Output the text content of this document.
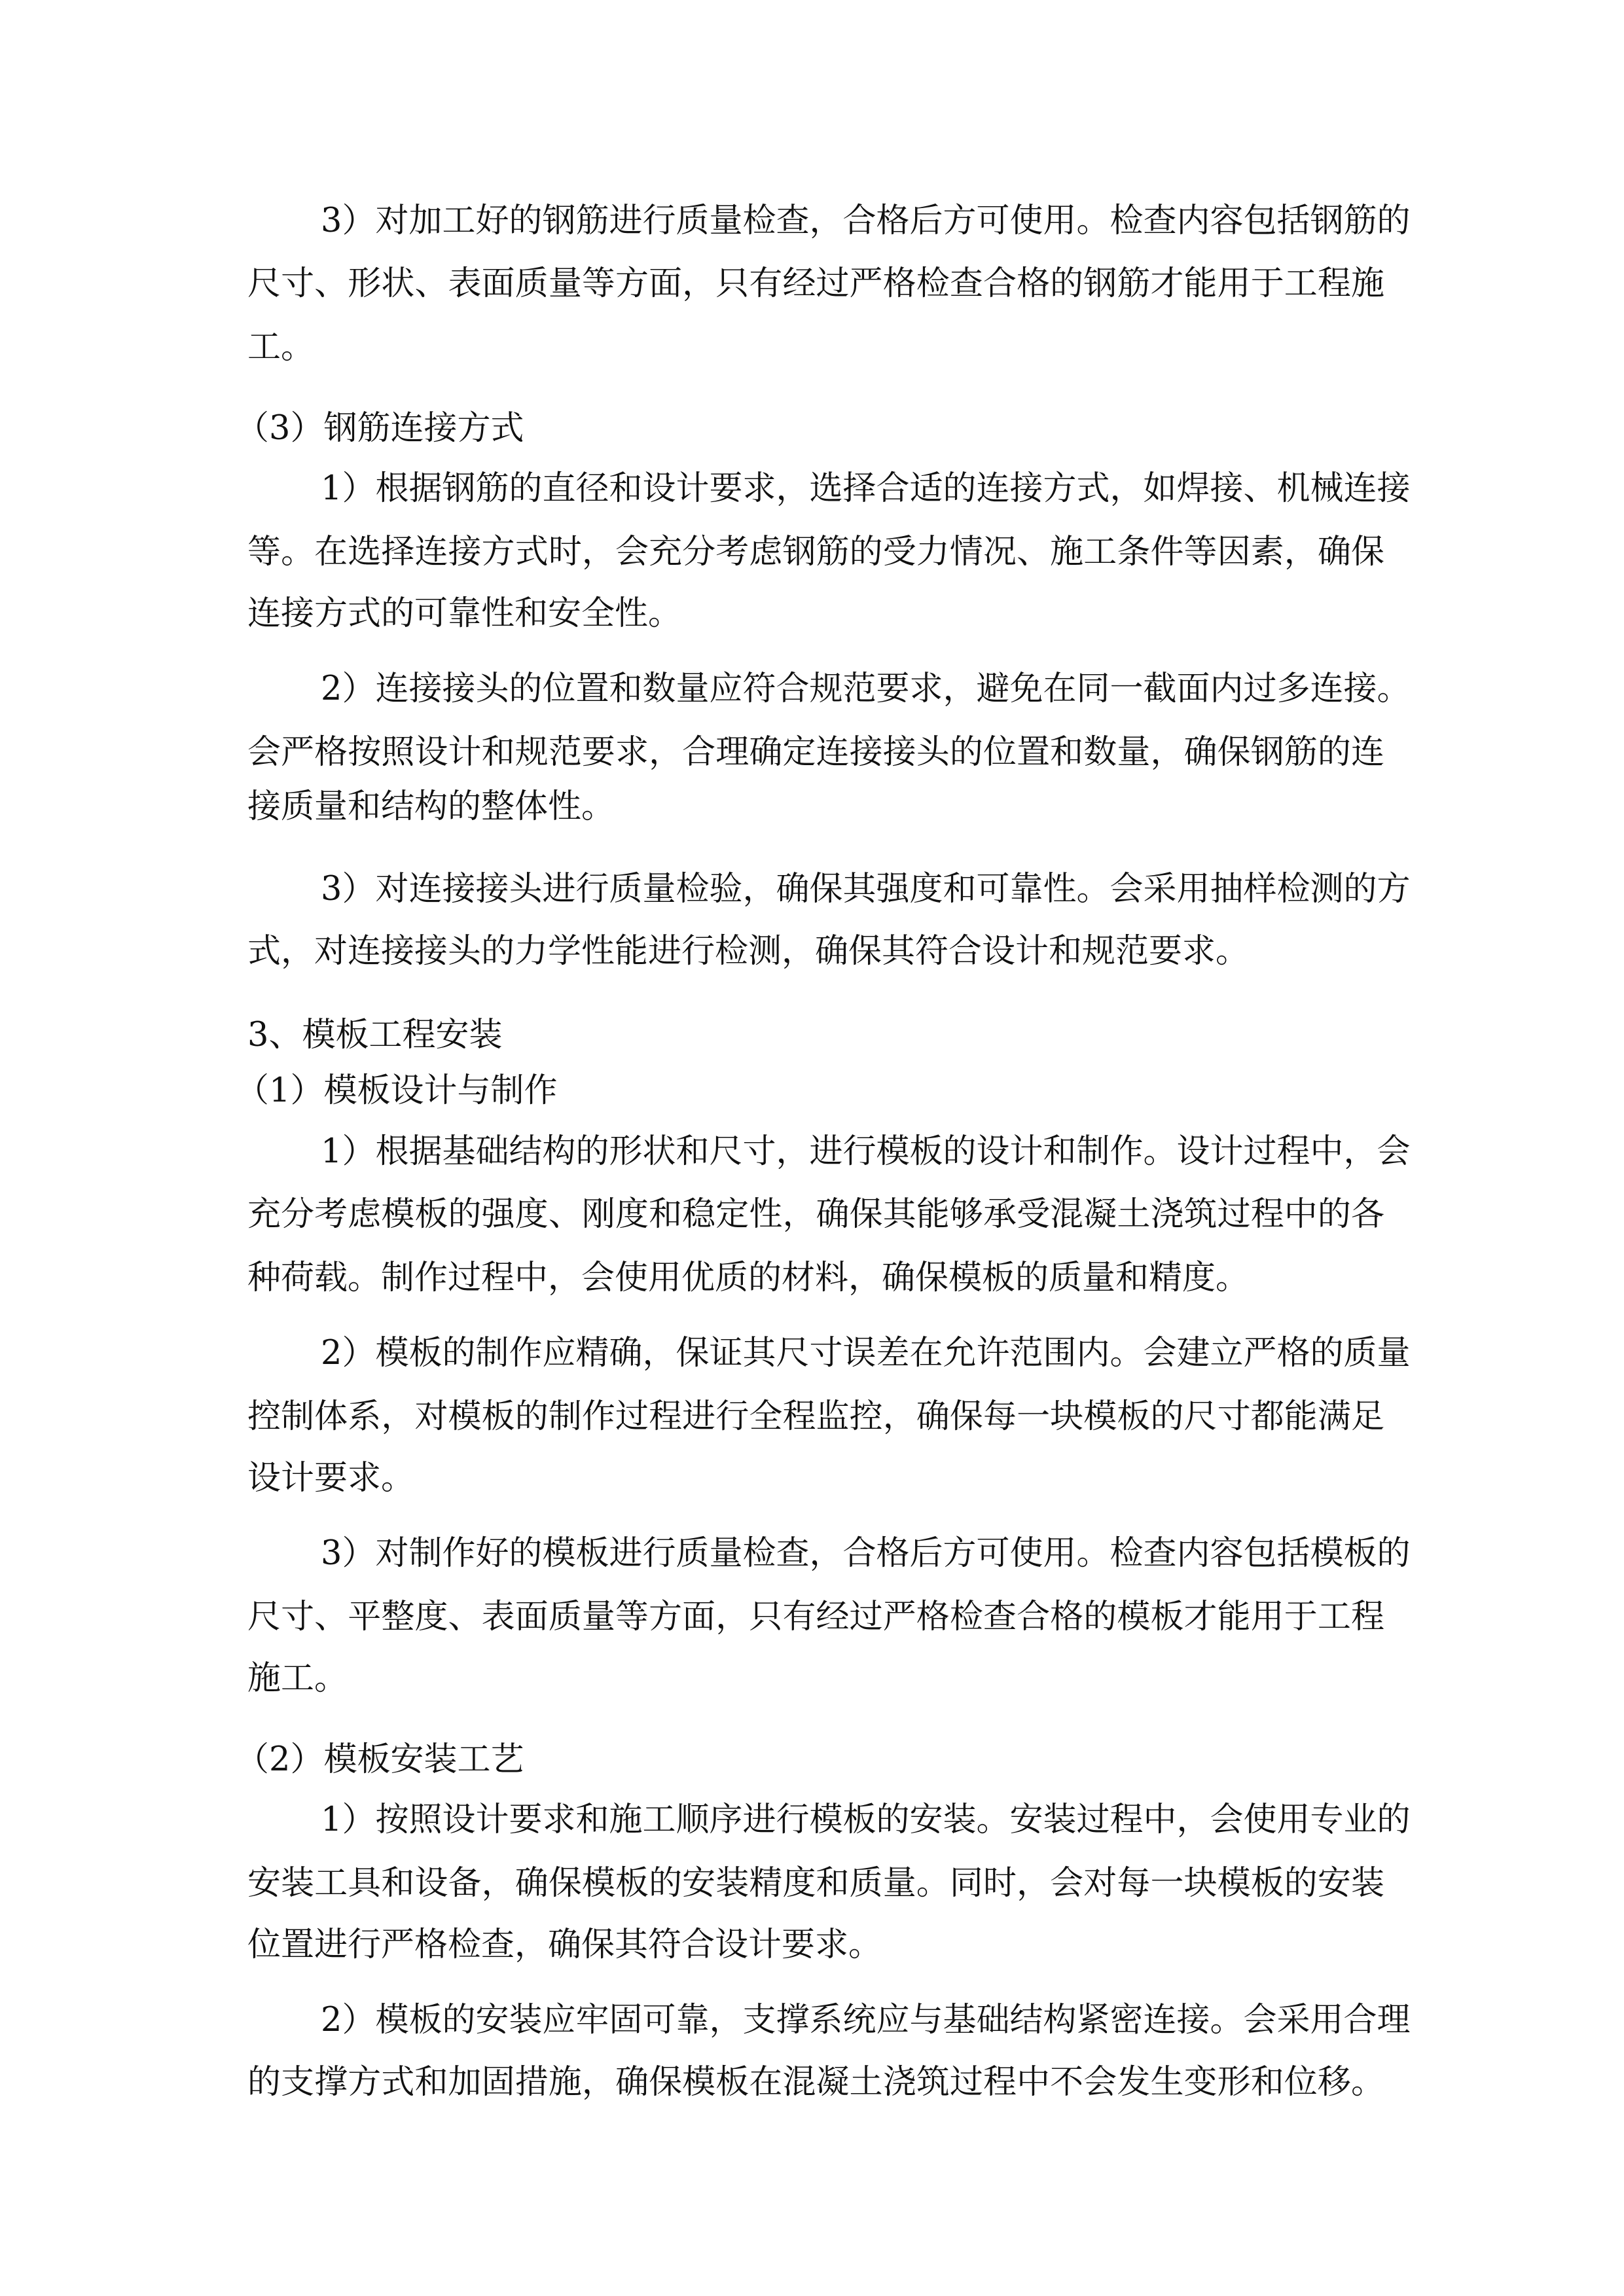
3）对加工好的钢筋进行质量检查，合格后方可使用。检查内容包括钢筋的
尺寸、形状、表面质量等方面，只有经过严格检查合格的钢筋才能用于工程施
工。
（3）钢筋连接方式
1）根据钢筋的直径和设计要求，选择合适的连接方式，如焊接、机械连接
等。在选择连接方式时，会充分考虑钢筋的受力情况、施工条件等因素，确保
连接方式的可靠性和安全性。
2）连接接头的位置和数量应符合规范要求，避免在同一截面内过多连接。
会严格按照设计和规范要求，合理确定连接接头的位置和数量，确保钢筋的连
接质量和结构的整体性。
3）对连接接头进行质量检验，确保其强度和可靠性。会采用抽样检测的方
式，对连接接头的力学性能进行检测，确保其符合设计和规范要求。
3、模板工程安装
（1）模板设计与制作
1）根据基础结构的形状和尺寸，进行模板的设计和制作。设计过程中，会
充分考虑模板的强度、刚度和稳定性，确保其能够承受混凝土浇筑过程中的各
种荷载。制作过程中，会使用优质的材料，确保模板的质量和精度。
2）模板的制作应精确，保证其尺寸误差在允许范围内。会建立严格的质量
控制体系，对模板的制作过程进行全程监控，确保每一块模板的尺寸都能满足
设计要求。
3）对制作好的模板进行质量检查，合格后方可使用。检查内容包括模板的
尺寸、平整度、表面质量等方面，只有经过严格检查合格的模板才能用于工程
施工。
（2）模板安装工艺
1）按照设计要求和施工顺序进行模板的安装。安装过程中，会使用专业的
安装工具和设备，确保模板的安装精度和质量。同时，会对每一块模板的安装
位置进行严格检查，确保其符合设计要求。
2）模板的安装应牢固可靠，支撑系统应与基础结构紧密连接。会采用合理
的支撑方式和加固措施，确保模板在混凝土浇筑过程中不会发生变形和位移。
